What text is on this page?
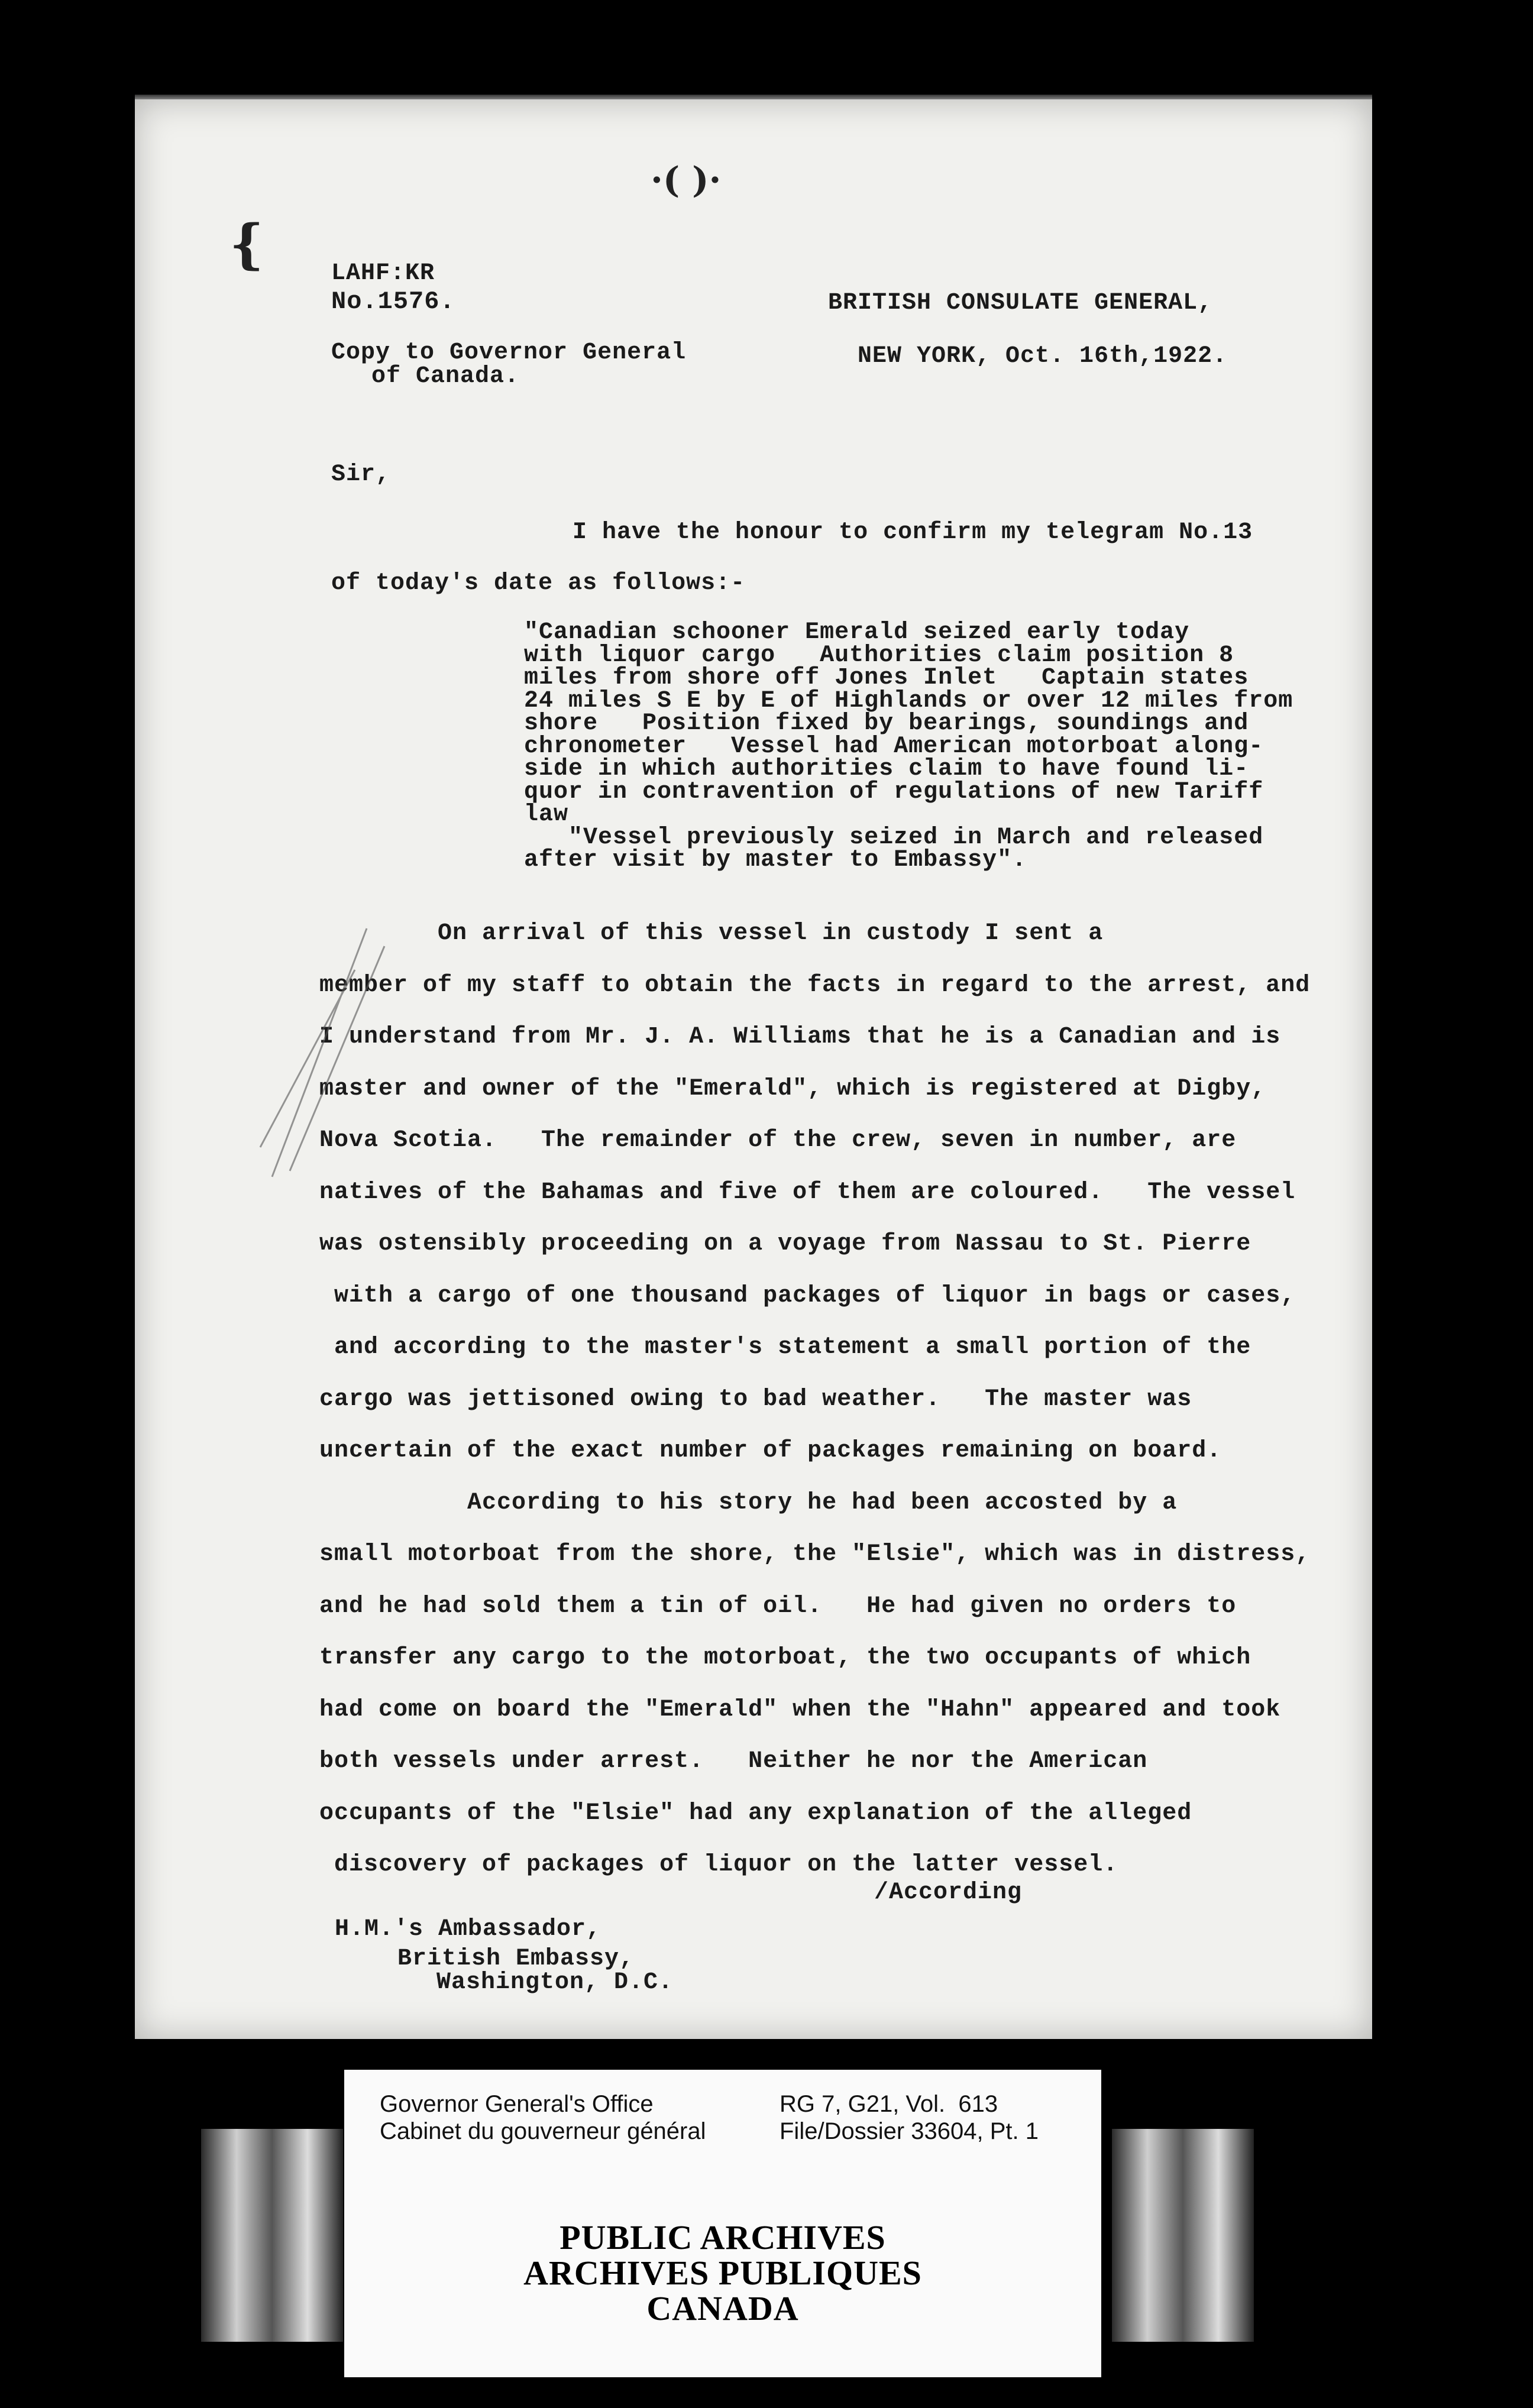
·( )·
{	LAHF:KR
No.1576.	BRITISH CONSULATE GENERAL,
Copy to Governor General
of Canada.
NEW YORK, Oct. 16th,1922.
Sir,
I have the honour to confirm my telegram No.13
of today's date as follows:-
"Canadian schooner Emerald seized early today
with liquor cargo   Authorities claim position 8
miles from shore off Jones Inlet   Captain states
24 miles S E by E of Highlands or over 12 miles from
shore   Position fixed by bearings, soundings and
chronometer   Vessel had American motorboat along-
side in which authorities claim to have found li-
quor in contravention of regulations of new Tariff
law
"Vessel previously seized in March and released
after visit by master to Embassy".
On arrival of this vessel in custody I sent a
member of my staff to obtain the facts in regard to the arrest, and
I understand from Mr. J. A. Williams that he is a Canadian and is
master and owner of the "Emerald", which is registered at Digby,
Nova Scotia.   The remainder of the crew, seven in number, are
natives of the Bahamas and five of them are coloured.   The vessel
was ostensibly proceeding on a voyage from Nassau to St. Pierre
with a cargo of one thousand packages of liquor in bags or cases,
and according to the master's statement a small portion of the
cargo was jettisoned owing to bad weather.   The master was
uncertain of the exact number of packages remaining on board.
According to his story he had been accosted by a
small motorboat from the shore, the "Elsie", which was in distress,
and he had sold them a tin of oil.   He had given no orders to
transfer any cargo to the motorboat, the two occupants of which
had come on board the "Emerald" when the "Hahn" appeared and took
both vessels under arrest.   Neither he nor the American
occupants of the "Elsie" had any explanation of the alleged
discovery of packages of liquor on the latter vessel.
/According
H.M.'s Ambassador,
British Embassy,
Washington, D.C.
Governor General's Office
Cabinet du gouverneur général
RG 7, G21, Vol.  613
File/Dossier 33604, Pt. 1
PUBLIC ARCHIVES
ARCHIVES PUBLIQUES
CANADA
